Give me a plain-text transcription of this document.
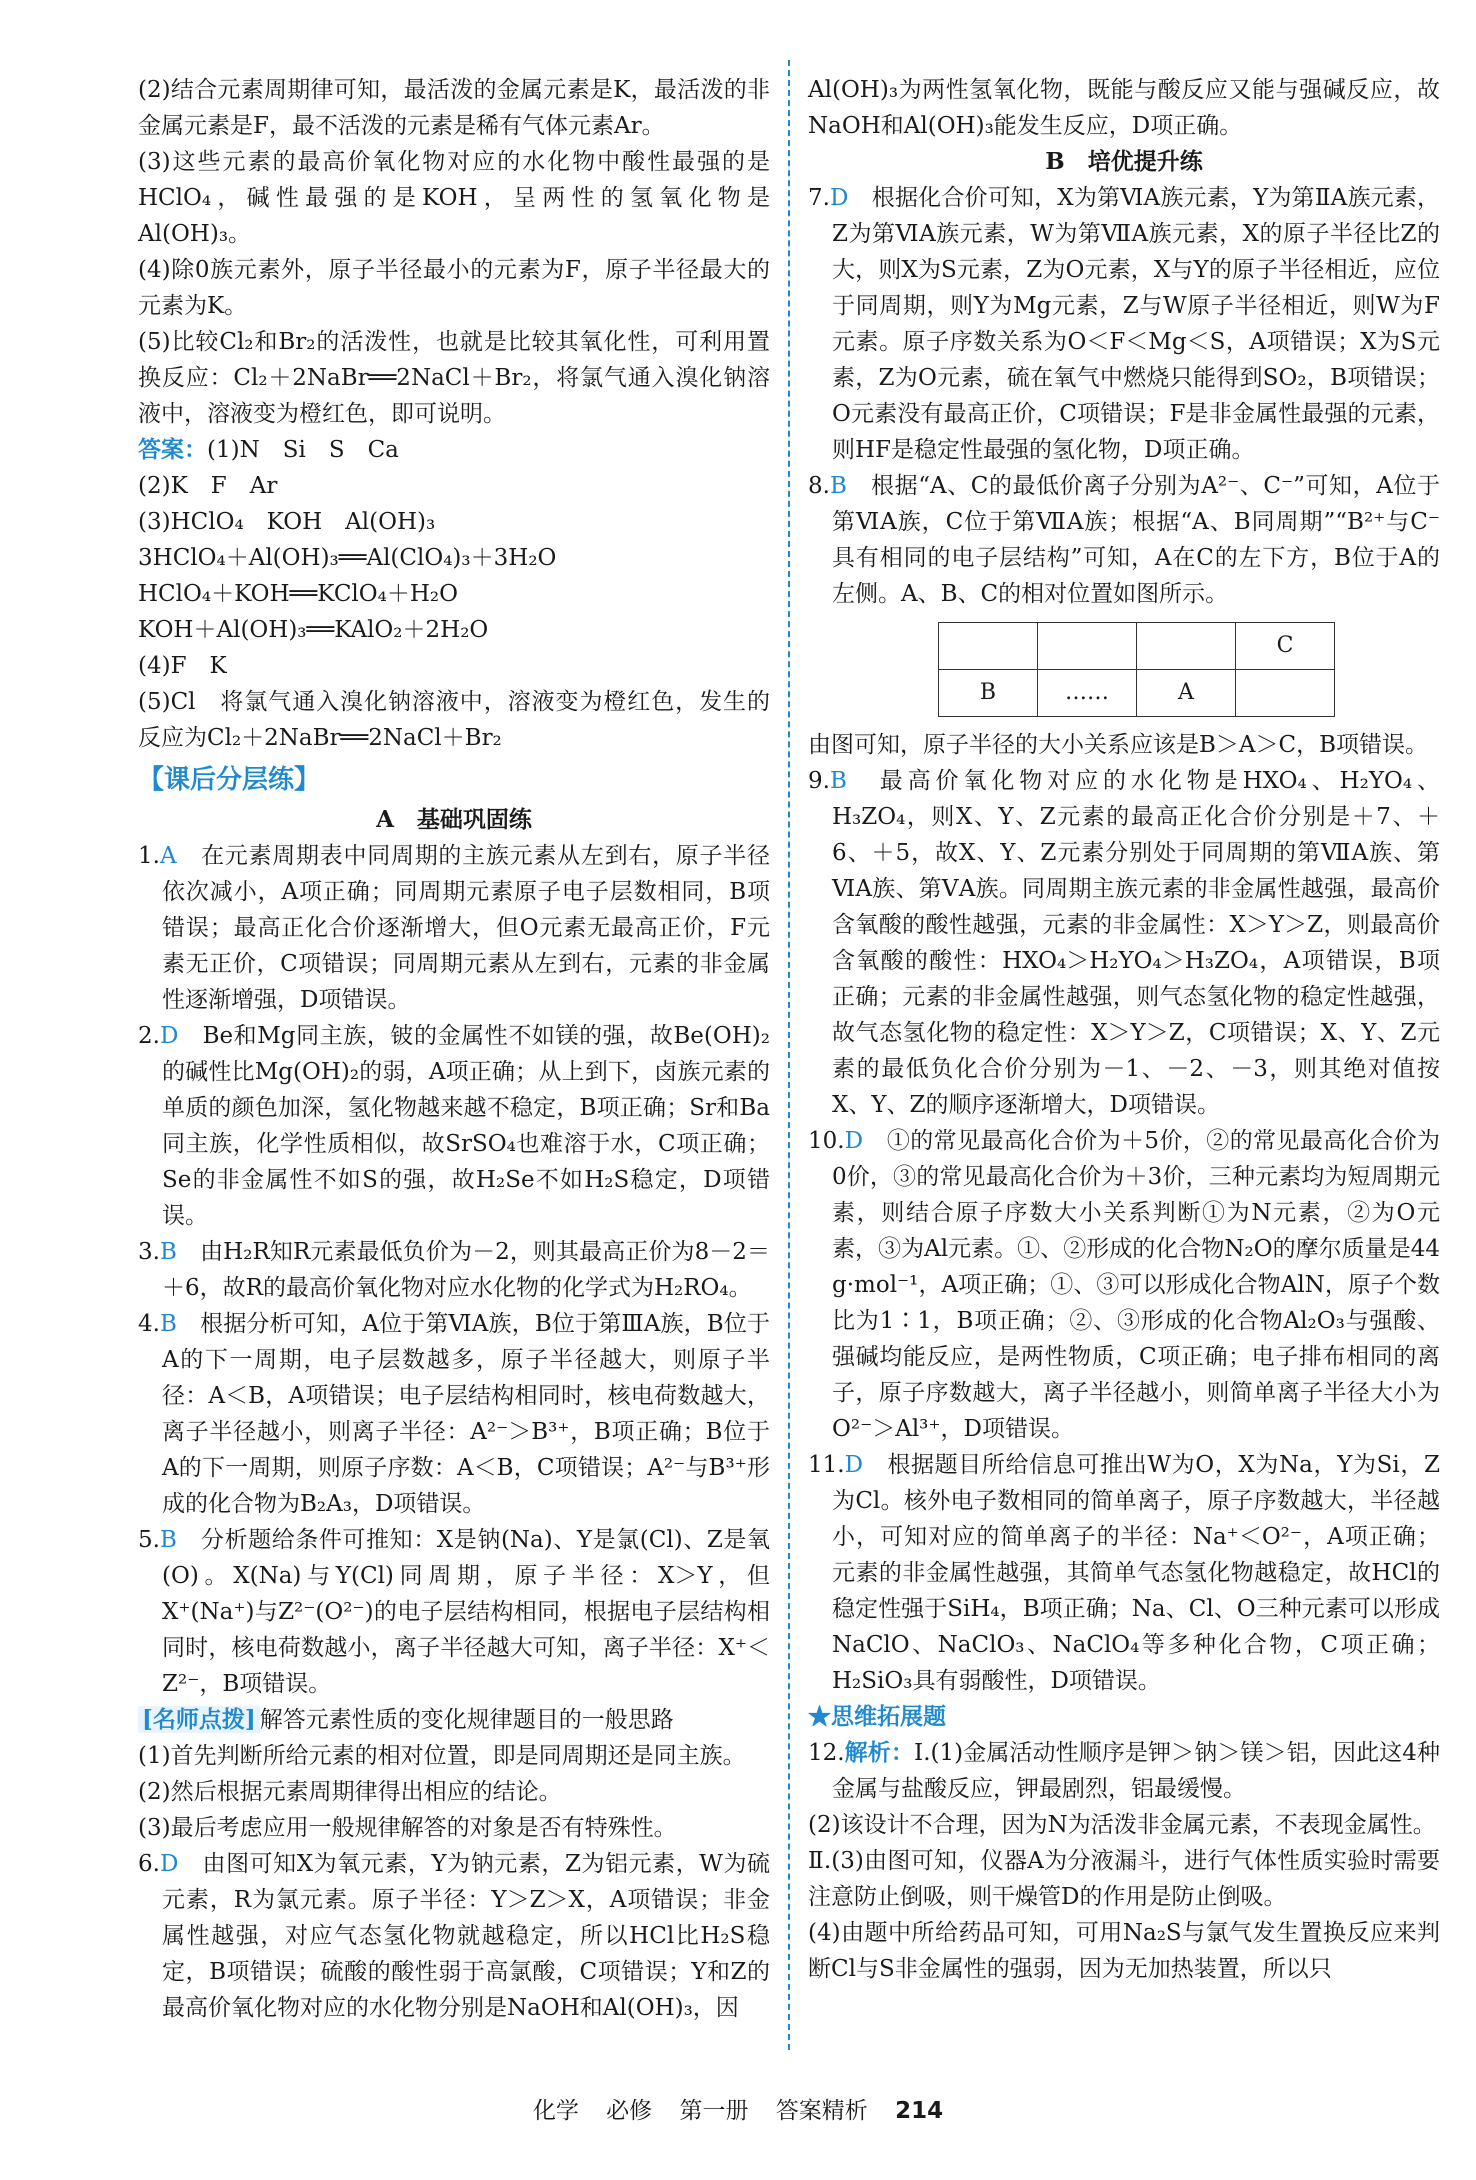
(2)结合元素周期律可知，最活泼的金属元素是K，最活泼的非金属元素是F，最不活泼的元素是稀有气体元素Ar。

(3)这些元素的最高价氧化物对应的水化物中酸性最强的是HClO₄，碱性最强的是KOH，呈两性的氢氧化物是Al(OH)₃。

(4)除0族元素外，原子半径最小的元素为F，原子半径最大的元素为K。

(5)比较Cl₂和Br₂的活泼性，也就是比较其氧化性，可利用置换反应：Cl₂＋2NaBr══2NaCl＋Br₂，将氯气通入溴化钠溶液中，溶液变为橙红色，即可说明。

答案：(1)N　Si　S　Ca

(2)K　F　Ar

(3)HClO₄　KOH　Al(OH)₃

3HClO₄＋Al(OH)₃══Al(ClO₄)₃＋3H₂O

HClO₄＋KOH══KClO₄＋H₂O

KOH＋Al(OH)₃══KAlO₂＋2H₂O

(4)F　K

(5)Cl　将氯气通入溴化钠溶液中，溶液变为橙红色，发生的反应为Cl₂＋2NaBr══2NaCl＋Br₂

【课后分层练】

A　基础巩固练

1.A　 在元素周期表中同周期的主族元素从左到右，原子半径依次减小，A项正确；同周期元素原子电子层数相同，B项错误；最高正化合价逐渐增大，但O元素无最高正价，F元素无正价，C项错误；同周期元素从左到右，元素的非金属性逐渐增强，D项错误。

2.D　 Be和Mg同主族，铍的金属性不如镁的强，故Be(OH)₂的碱性比Mg(OH)₂的弱，A项正确；从上到下，卤族元素的单质的颜色加深，氢化物越来越不稳定，B项正确；Sr和Ba同主族，化学性质相似，故SrSO₄也难溶于水，C项正确；Se的非金属性不如S的强，故H₂Se不如H₂S稳定，D项错误。

3.B　 由H₂R知R元素最低负价为－2，则其最高正价为8－2＝＋6，故R的最高价氧化物对应水化物的化学式为H₂RO₄。

4.B　 根据分析可知，A位于第ⅥA族，B位于第ⅢA族，B位于A的下一周期，电子层数越多，原子半径越大，则原子半径：A＜B，A项错误；电子层结构相同时，核电荷数越大，离子半径越小，则离子半径：A²⁻＞B³⁺，B项正确；B位于A的下一周期，则原子序数：A＜B，C项错误；A²⁻与B³⁺形成的化合物为B₂A₃，D项错误。

5.B　 分析题给条件可推知：X是钠(Na)、Y是氯(Cl)、Z是氧(O)。X(Na)与Y(Cl)同周期，原子半径：X＞Y，但X⁺(Na⁺)与Z²⁻(O²⁻)的电子层结构相同，根据电子层结构相同时，核电荷数越小，离子半径越大可知，离子半径：X⁺＜Z²⁻，B项错误。

[名师点拨] 解答元素性质的变化规律题目的一般思路

(1)首先判断所给元素的相对位置，即是同周期还是同主族。

(2)然后根据元素周期律得出相应的结论。

(3)最后考虑应用一般规律解答的对象是否有特殊性。

6.D　 由图可知X为氧元素，Y为钠元素，Z为铝元素，W为硫元素，R为氯元素。原子半径：Y＞Z＞X，A项错误；非金属性越强，对应气态氢化物就越稳定，所以HCl比H₂S稳定，B项错误；硫酸的酸性弱于高氯酸，C项错误；Y和Z的最高价氧化物对应的水化物分别是NaOH和Al(OH)₃，因

Al(OH)₃为两性氢氧化物，既能与酸反应又能与强碱反应，故NaOH和Al(OH)₃能发生反应，D项正确。

B　培优提升练

7.D　 根据化合价可知，X为第ⅥA族元素，Y为第ⅡA族元素，Z为第ⅥA族元素，W为第ⅦA族元素，X的原子半径比Z的大，则X为S元素，Z为O元素，X与Y的原子半径相近，应位于同周期，则Y为Mg元素，Z与W原子半径相近，则W为F元素。原子序数关系为O＜F＜Mg＜S，A项错误；X为S元素，Z为O元素，硫在氧气中燃烧只能得到SO₂，B项错误；O元素没有最高正价，C项错误；F是非金属性最强的元素，则HF是稳定性最强的氢化物，D项正确。

8.B　 根据“A、C的最低价离子分别为A²⁻、C⁻”可知，A位于第ⅥA族，C位于第ⅦA族；根据“A、B同周期”“B²⁺与C⁻具有相同的电子层结构”可知，A在C的左下方，B位于A的左侧。A、B、C的相对位置如图所示。

			C
B	……	A	

由图可知，原子半径的大小关系应该是B＞A＞C，B项错误。

9.B　 最高价氧化物对应的水化物是HXO₄、H₂YO₄、H₃ZO₄，则X、Y、Z元素的最高正化合价分别是＋7、＋6、＋5，故X、Y、Z元素分别处于同周期的第ⅦA族、第ⅥA族、第ⅤA族。同周期主族元素的非金属性越强，最高价含氧酸的酸性越强，元素的非金属性：X＞Y＞Z，则最高价含氧酸的酸性：HXO₄＞H₂YO₄＞H₃ZO₄，A项错误，B项正确；元素的非金属性越强，则气态氢化物的稳定性越强，故气态氢化物的稳定性：X＞Y＞Z，C项错误；X、Y、Z元素的最低负化合价分别为－1、－2、－3，则其绝对值按X、Y、Z的顺序逐渐增大，D项错误。

10.D　 ①的常见最高化合价为＋5价，②的常见最高化合价为0价，③的常见最高化合价为＋3价，三种元素均为短周期元素，则结合原子序数大小关系判断①为N元素，②为O元素，③为Al元素。①、②形成的化合物N₂O的摩尔质量是44 g·mol⁻¹，A项正确；①、③可以形成化合物AlN，原子个数比为1∶1，B项正确；②、③形成的化合物Al₂O₃与强酸、强碱均能反应，是两性物质，C项正确；电子排布相同的离子，原子序数越大，离子半径越小，则简单离子半径大小为O²⁻＞Al³⁺，D项错误。

11.D　 根据题目所给信息可推出W为O，X为Na，Y为Si，Z为Cl。核外电子数相同的简单离子，原子序数越大，半径越小，可知对应的简单离子的半径：Na⁺＜O²⁻，A项正确；元素的非金属性越强，其简单气态氢化物越稳定，故HCl的稳定性强于SiH₄，B项正确；Na、Cl、O三种元素可以形成NaClO、NaClO₃、NaClO₄等多种化合物，C项正确；H₂SiO₃具有弱酸性，D项错误。

★思维拓展题

12.解析：Ⅰ.(1)金属活动性顺序是钾＞钠＞镁＞铝，因此这4种金属与盐酸反应，钾最剧烈，铝最缓慢。

(2)该设计不合理，因为N为活泼非金属元素，不表现金属性。

Ⅱ.(3)由图可知，仪器A为分液漏斗，进行气体性质实验时需要注意防止倒吸，则干燥管D的作用是防止倒吸。

(4)由题中所给药品可知，可用Na₂S与氯气发生置换反应来判断Cl与S非金属性的强弱，因为无加热装置，所以只

化学 必修 第一册 答案精析 214
